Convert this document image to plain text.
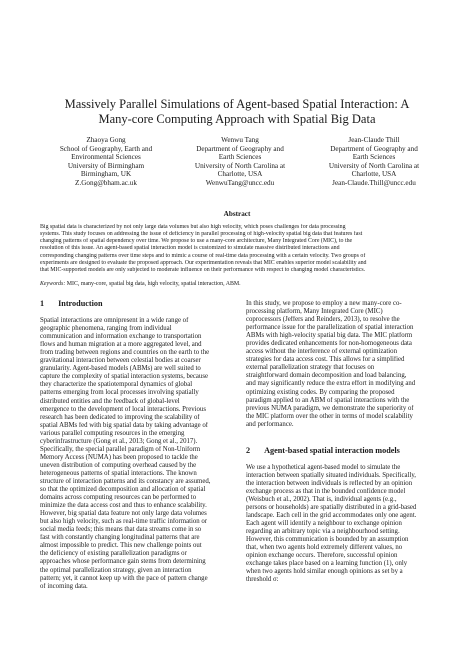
Massively Parallel Simulations of Agent-based Spatial Interaction: A
Many-core Computing Approach with Spatial Big Data
Zhaoya Gong
School of Geography, Earth and
Environmental Sciences
University of Birmingham
Birmingham, UK
Z.Gong@bham.ac.uk
Wenwu Tang
Department of Geography and
Earth Sciences
University of North Carolina at
Charlotte, USA
WenwuTang@uncc.edu
Jean-Claude Thill
Department of Geography and
Earth Sciences
University of North Carolina at
Charlotte, USA
Jean-Claude.Thill@uncc.edu
Abstract
Big spatial data is characterized by not only large data volumes but also high velocity, which poses challenges for data processing
systems. This study focuses on addressing the issue of deficiency in parallel processing of high-velocity spatial big data that features fast
changing patterns of spatial dependency over time. We propose to use a many-core architecture, Many Integrated Core (MIC), to the
resolution of this issue. An agent-based spatial interaction model is customized to simulate massive distributed interactions and
corresponding changing patterns over time steps and to mimic a course of real-time data processing with a certain velocity. Two groups of
experiments are designed to evaluate the proposed approach. Our experimentation reveals that MIC enables superior model scalability and
that MIC-supported models are only subjected to moderate influence on their performance with respect to changing model characteristics.

Keywords: MIC, many-core, spatial big data, high velocity, spatial interaction, ABM.

1 Introduction
Spatial interactions are omnipresent in a wide range of
geographic phenomena, ranging from individual
communication and information exchange to transportation
flows and human migration at a more aggregated level, and
from trading between regions and countries on the earth to the
gravitational interaction between celestial bodies at coarser
granularity. Agent-based models (ABMs) are well suited to
capture the complexity of spatial interaction systems, because
they characterize the spatiotemporal dynamics of global
patterns emerging from local processes involving spatially
distributed entities and the feedback of global-level
emergence to the development of local interactions. Previous
research has been dedicated to improving the scalability of
spatial ABMs fed with big spatial data by taking advantage of
various parallel computing resources in the emerging
cyberinfrastructure (Gong et al., 2013; Gong et al., 2017).
Specifically, the special parallel paradigm of Non-Uniform
Memory Access (NUMA) has been proposed to tackle the
uneven distribution of computing overhead caused by the
heterogeneous patterns of spatial interactions. The known
structure of interaction patterns and its constancy are assumed,
so that the optimized decomposition and allocation of spatial
domains across computing resources can be performed to
minimize the data access cost and thus to enhance scalability.
However, big spatial data feature not only large data volumes
but also high velocity, such as real-time traffic information or
social media feeds; this means that data streams come in so
fast with constantly changing longitudinal patterns that are
almost impossible to predict. This new challenge points out
the deficiency of existing parallelization paradigms or
approaches whose performance gain stems from determining
the optimal parallelization strategy, given an interaction
pattern; yet, it cannot keep up with the pace of pattern change
of incoming data.
In this study, we propose to employ a new many-core co-
processing platform, Many Integrated Core (MIC)
coprocessors (Jeffers and Reinders, 2013), to resolve the
performance issue for the parallelization of spatial interaction
ABMs with high-velocity spatial big data. The MIC platform
provides dedicated enhancements for non-homogeneous data
access without the interference of external optimization
strategies for data access cost. This allows for a simplified
external parallelization strategy that focuses on
straightforward domain decomposition and load balancing,
and may significantly reduce the extra effort in modifying and
optimizing existing codes. By comparing the proposed
paradigm applied to an ABM of spatial interactions with the
previous NUMA paradigm, we demonstrate the superiority of
the MIC platform over the other in terms of model scalability
and performance.
2 Agent-based spatial interaction models
We use a hypothetical agent-based model to simulate the
interaction between spatially situated individuals. Specifically,
the interaction between individuals is reflected by an opinion
exchange process as that in the bounded confidence model
(Weisbuch et al., 2002). That is, individual agents (e.g.,
persons or households) are spatially distributed in a grid-based
landscape. Each cell in the grid accommodates only one agent.
Each agent will identify a neighbour to exchange opinion
regarding an arbitrary topic via a neighbourhood setting.
However, this communication is bounded by an assumption
that, when two agents hold extremely different values, no
opinion exchange occurs. Therefore, successful opinion
exchange takes place based on a learning function (1), only
when two agents hold similar enough opinions as set by a
threshold σ:
